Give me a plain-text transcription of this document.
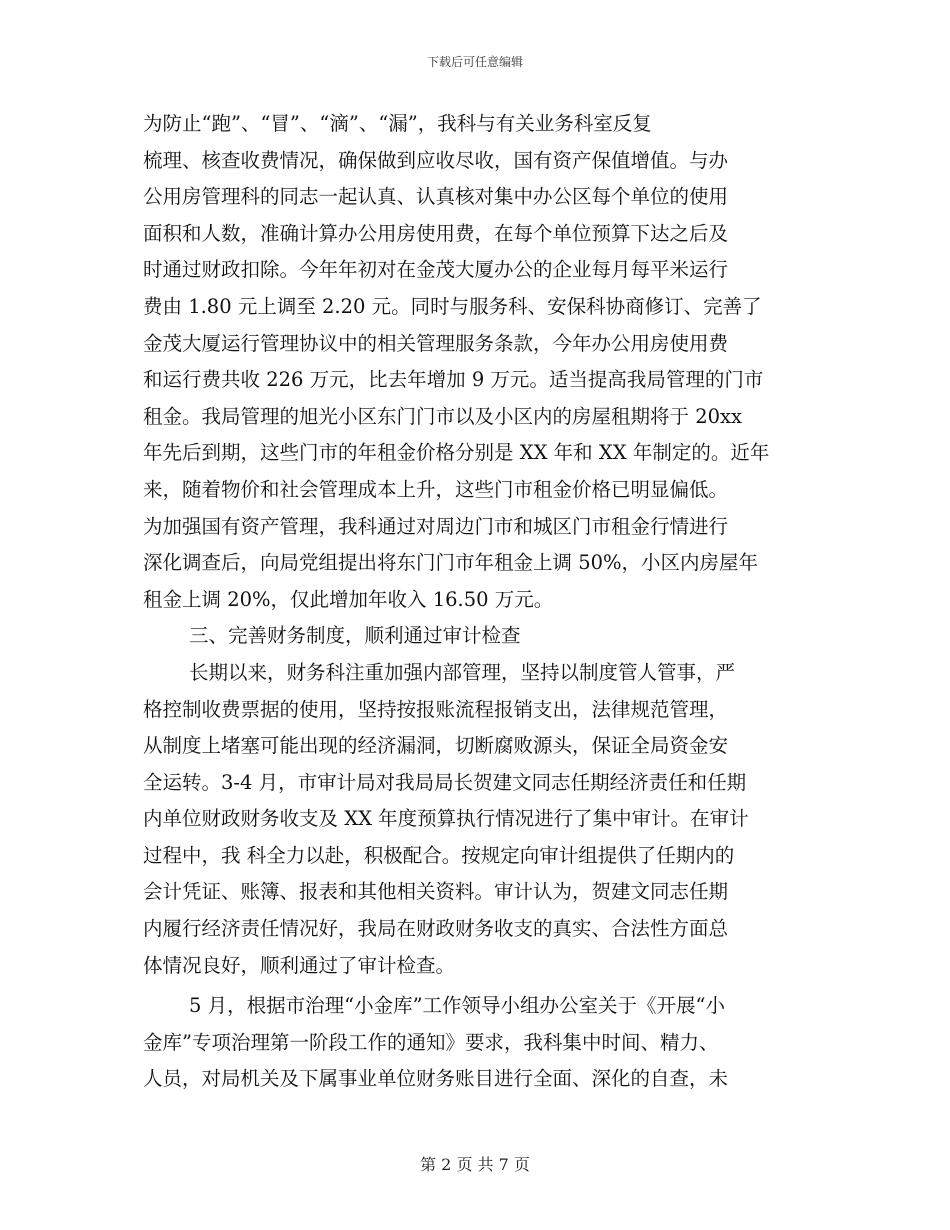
下载后可任意编辑
为防止“跑”、“冒”、“滴”、“漏”，我科与有关业务科室反复
梳理、核查收费情况，确保做到应收尽收，国有资产保值增值。与办
公用房管理科的同志一起认真、认真核对集中办公区每个单位的使用
面积和人数，准确计算办公用房使用费，在每个单位预算下达之后及
时通过财政扣除。今年年初对在金茂大厦办公的企业每月每平米运行
费由 1.80 元上调至 2.20 元。同时与服务科、安保科协商修订、完善了
金茂大厦运行管理协议中的相关管理服务条款，今年办公用房使用费
和运行费共收 226 万元，比去年增加 9 万元。适当提高我局管理的门市
租金。我局管理的旭光小区东门门市以及小区内的房屋租期将于 20xx
年先后到期，这些门市的年租金价格分别是 XX 年和 XX 年制定的。近年
来，随着物价和社会管理成本上升，这些门市租金价格已明显偏低。
为加强国有资产管理，我科通过对周边门市和城区门市租金行情进行
深化调查后，向局党组提出将东门门市年租金上调 50%，小区内房屋年
租金上调 20%，仅此增加年收入 16.50 万元。
三、完善财务制度，顺利通过审计检查
长期以来，财务科注重加强内部管理，坚持以制度管人管事，严
格控制收费票据的使用，坚持按报账流程报销支出，法律规范管理，
从制度上堵塞可能出现的经济漏洞，切断腐败源头，保证全局资金安
全运转。3-4 月，市审计局对我局局长贺建文同志任期经济责任和任期
内单位财政财务收支及 XX 年度预算执行情况进行了集中审计。在审计
过程中，我 科全力以赴，积极配合。按规定向审计组提供了任期内的
会计凭证、账簿、报表和其他相关资料。审计认为，贺建文同志任期
内履行经济责任情况好，我局在财政财务收支的真实、合法性方面总
体情况良好，顺利通过了审计检查。
5 月，根据市治理“小金库”工作领导小组办公室关于《开展“小
金库”专项治理第一阶段工作的通知》要求，我科集中时间、精力、
人员，对局机关及下属事业单位财务账目进行全面、深化的自查，未
第 2 页 共 7 页
